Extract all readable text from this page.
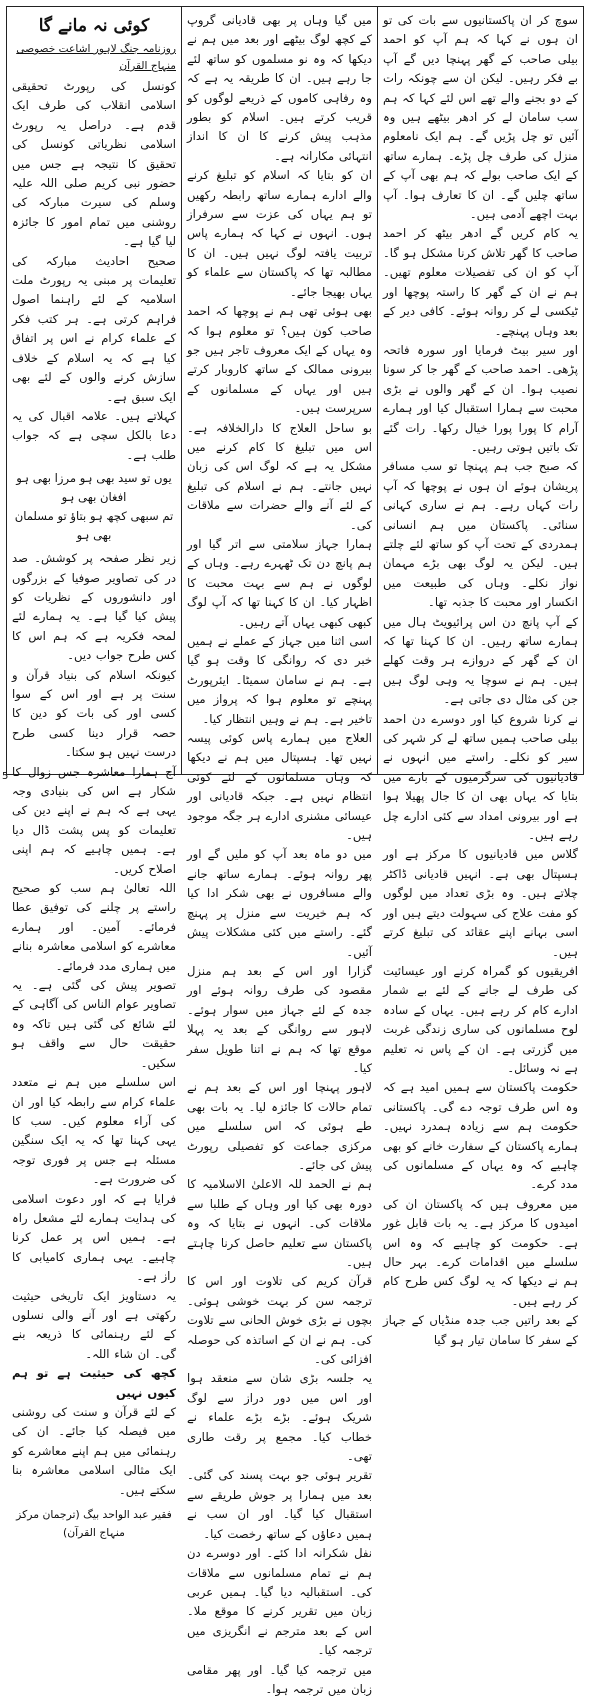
سوچ کر ان پاکستانیوں سے بات کی تو ان ہوں نے کہا کہ ہم آپ کو احمد بیلی صاحب کے گھر پہنچا دیں گے آپ بے فکر رہیں۔ لیکن ان سے چونکہ رات کے دو بجنے والے تھے اس لئے کہا کہ ہم سب سامان لے کر ادھر بیٹھے ہیں وہ آئیں تو چل پڑیں گے۔ ہم ایک نامعلوم منزل کی طرف چل پڑے۔ ہمارے ساتھ کے ایک صاحب بولے کہ ہم بھی آپ کے ساتھ چلیں گے۔ ان کا تعارف ہوا۔ آپ بہت اچھے آدمی ہیں۔

یہ کام کریں گے ادھر بیٹھ کر احمد صاحب کا گھر تلاش کرنا مشکل ہو گا۔ آپ کو ان کی تفصیلات معلوم تھیں۔ ہم نے ان کے گھر کا راستہ پوچھا اور ٹیکسی لے کر روانہ ہوئے۔ کافی دیر کے بعد وہاں پہنچے۔

اور سیر بیٹ فرمایا اور سورہ فاتحہ پڑھی۔ احمد صاحب کے گھر جا کر سونا نصیب ہوا۔ ان کے گھر والوں نے بڑی محبت سے ہمارا استقبال کیا اور ہمارے آرام کا پورا پورا خیال رکھا۔ رات گئے تک باتیں ہوتی رہیں۔

کہ صبح جب ہم پہنچا تو سب مسافر پریشان ہوئے ان ہوں نے پوچھا کہ آپ رات کہاں رہے۔ ہم نے ساری کہانی سنائی۔ پاکستان میں ہم انسانی ہمدردی کے تحت آپ کو ساتھ لئے چلتے ہیں۔ لیکن یہ لوگ بھی بڑے مہمان نواز نکلے۔ وہاں کی طبیعت میں انکسار اور محبت کا جذبہ تھا۔

کے آپ پانچ دن اس پرائیویٹ ہال میں ہمارے ساتھ رہیں۔ ان کا کہنا تھا کہ ان کے گھر کے دروازے ہر وقت کھلے ہیں۔ ہم نے سوچا یہ وہی لوگ ہیں جن کی مثال دی جاتی ہے۔

نے کرنا شروع کیا اور دوسرے دن احمد بیلی صاحب ہمیں ساتھ لے کر شہر کی سیر کو نکلے۔ راستے میں انہوں نے قادیانیوں کی سرگرمیوں کے بارے میں بتایا کہ یہاں بھی ان کا جال پھیلا ہوا ہے اور بیرونی امداد سے کئی ادارے چل رہے ہیں۔

گلاس میں قادیانیوں کا مرکز ہے اور ہسپتال بھی ہے۔ انہیں قادیانی ڈاکٹر چلاتے ہیں۔ وہ بڑی تعداد میں لوگوں کو مفت علاج کی سہولت دیتے ہیں اور اسی بہانے اپنے عقائد کی تبلیغ کرتے ہیں۔

افریقیوں کو گمراہ کرنے اور عیسائیت کی طرف لے جانے کے لئے بے شمار ادارے کام کر رہے ہیں۔ یہاں کے سادہ لوح مسلمانوں کی ساری زندگی غربت میں گزرتی ہے۔ ان کے پاس نہ تعلیم ہے نہ وسائل۔

حکومت پاکستان سے ہمیں امید ہے کہ وہ اس طرف توجہ دے گی۔ پاکستانی حکومت ہم سے زیادہ ہمدرد نہیں۔ ہمارے پاکستان کے سفارت خانے کو بھی چاہیے کہ وہ یہاں کے مسلمانوں کی مدد کرے۔

میں معروف ہیں کہ پاکستان ان کی امیدوں کا مرکز ہے۔ یہ بات قابل غور ہے۔ حکومت کو چاہیے کہ وہ اس سلسلے میں اقدامات کرے۔ بہر حال ہم نے دیکھا کہ یہ لوگ کس طرح کام کر رہے ہیں۔

کے بعد راتیں جب جدہ منڈیاں کے جہاز کے سفر کا سامان تیار ہو گیا

میں گیا وہاں پر بھی قادیانی گروپ کے کچھ لوگ بیٹھے اور بعد میں ہم نے دیکھا کہ وہ نو مسلموں کو ساتھ لئے جا رہے ہیں۔ ان کا طریقہ یہ ہے کہ وہ رفاہی کاموں کے ذریعے لوگوں کو قریب کرتے ہیں۔ اسلام کو بطور مذہب پیش کرنے کا ان کا انداز انتہائی مکارانہ ہے۔

ان کو بتایا کہ اسلام کو تبلیغ کرنے والے ادارے ہمارے ساتھ رابطہ رکھیں تو ہم یہاں کی عزت سے سرفراز ہوں۔ انہوں نے کہا کہ ہمارے پاس تربیت یافتہ لوگ نہیں ہیں۔ ان کا مطالبہ تھا کہ پاکستان سے علماء کو یہاں بھیجا جائے۔

بھی ہوئی تھی ہم نے پوچھا کہ احمد صاحب کون ہیں؟ تو معلوم ہوا کہ وہ یہاں کے ایک معروف تاجر ہیں جو بیرونی ممالک کے ساتھ کاروبار کرتے ہیں اور یہاں کے مسلمانوں کے سرپرست ہیں۔

بو ساحل العلاج کا دارالخلافہ ہے۔ اس میں تبلیغ کا کام کرنے میں مشکل یہ ہے کہ لوگ اس کی زبان نہیں جانتے۔ ہم نے اسلام کی تبلیغ کے لئے آنے والے حضرات سے ملاقات کی۔

ہمارا جہاز سلامتی سے اتر گیا اور ہم پانچ دن تک ٹھہرے رہے۔ وہاں کے لوگوں نے ہم سے بہت محبت کا اظہار کیا۔ ان کا کہنا تھا کہ آپ لوگ کبھی کبھی یہاں آتے رہیں۔

اسی اثنا میں جہاز کے عملے نے ہمیں خبر دی کہ روانگی کا وقت ہو گیا ہے۔ ہم نے سامان سمیٹا۔ ایئرپورٹ پہنچے تو معلوم ہوا کہ پرواز میں تاخیر ہے۔ ہم نے وہیں انتظار کیا۔

العلاج میں ہمارے پاس کوئی پیسہ نہیں تھا۔ ہسپتال میں ہم نے دیکھا کہ وہاں مسلمانوں کے لئے کوئی انتظام نہیں ہے۔ جبکہ قادیانی اور عیسائی مشنری ادارے ہر جگہ موجود ہیں۔

میں دو ماہ بعد آپ کو ملیں گے اور پھر روانہ ہوئے۔ ہمارے ساتھ جانے والے مسافروں نے بھی شکر ادا کیا کہ ہم خیریت سے منزل پر پہنچ گئے۔ راستے میں کئی مشکلات پیش آئیں۔

گزارا اور اس کے بعد ہم منزل مقصود کی طرف روانہ ہوئے اور جدہ کے لئے جہاز میں سوار ہوئے۔ لاہور سے روانگی کے بعد یہ پہلا موقع تھا کہ ہم نے اتنا طویل سفر کیا۔

لاہور پہنچا اور اس کے بعد ہم نے تمام حالات کا جائزہ لیا۔ یہ بات بھی طے ہوئی کہ اس سلسلے میں مرکزی جماعت کو تفصیلی رپورٹ پیش کی جائے۔

ہم نے الحمد للہ الاعلیٰ الاسلامیہ کا دورہ بھی کیا اور وہاں کے طلبا سے ملاقات کی۔ انہوں نے بتایا کہ وہ پاکستان سے تعلیم حاصل کرنا چاہتے ہیں۔

قرآن کریم کی تلاوت اور اس کا ترجمہ سن کر بہت خوشی ہوئی۔ بچوں نے بڑی خوش الحانی سے تلاوت کی۔ ہم نے ان کے اساتذہ کی حوصلہ افزائی کی۔

یہ جلسہ بڑی شان سے منعقد ہوا اور اس میں دور دراز سے لوگ شریک ہوئے۔ بڑے بڑے علماء نے خطاب کیا۔ مجمع پر رقت طاری تھی۔

تقریر ہوئی جو بہت پسند کی گئی۔ بعد میں ہمارا پر جوش طریقے سے استقبال کیا گیا۔ اور ان سب نے ہمیں دعاؤں کے ساتھ رخصت کیا۔

نفل شکرانہ ادا کئے۔ اور دوسرے دن ہم نے تمام مسلمانوں سے ملاقات کی۔ استقبالیہ دیا گیا۔ ہمیں عربی زبان میں تقریر کرنے کا موقع ملا۔ اس کے بعد مترجم نے انگریزی میں ترجمہ کیا۔

میں ترجمہ کیا گیا۔ اور پھر مقامی زبان میں ترجمہ ہوا۔

کوئی نہ مانے گا
روزنامہ جنگ لاہور اشاعت خصوصی منہاج القرآن

کونسل کی رپورٹ تحقیقی اسلامی انقلاب کی طرف ایک قدم ہے۔ دراصل یہ رپورٹ اسلامی نظریاتی کونسل کی تحقیق کا نتیجہ ہے جس میں حضور نبی کریم صلی اللہ علیہ وسلم کی سیرت مبارکہ کی روشنی میں تمام امور کا جائزہ لیا گیا ہے۔

صحیح احادیث مبارکہ کی تعلیمات پر مبنی یہ رپورٹ ملت اسلامیہ کے لئے راہنما اصول فراہم کرتی ہے۔ ہر کتب فکر کے علماء کرام نے اس پر اتفاق کیا ہے کہ یہ اسلام کے خلاف سازش کرنے والوں کے لئے بھی ایک سبق ہے۔

کہلاتے ہیں۔ علامہ اقبال کی یہ دعا بالکل سچی ہے کہ جواب طلب ہے۔

یوں تو سید بھی ہو مرزا بھی ہو افغان بھی ہو

تم سبھی کچھ ہو بتاؤ تو مسلمان بھی ہو

زیر نظر صفحہ پر کوشش۔ صد در کی تصاویر صوفیا کے بزرگوں اور دانشوروں کے نظریات کو پیش کیا گیا ہے۔ یہ ہمارے لئے لمحہ فکریہ ہے کہ ہم اس کا کس طرح جواب دیں۔

کیونکہ اسلام کی بنیاد قرآن و سنت پر ہے اور اس کے سوا کسی اور کی بات کو دین کا حصہ قرار دینا کسی طرح درست نہیں ہو سکتا۔

آج ہمارا معاشرہ جس زوال کا شکار ہے اس کی بنیادی وجہ یہی ہے کہ ہم نے اپنے دین کی تعلیمات کو پس پشت ڈال دیا ہے۔ ہمیں چاہیے کہ ہم اپنی اصلاح کریں۔

اللہ تعالیٰ ہم سب کو صحیح راستے پر چلنے کی توفیق عطا فرمائے۔ آمین۔ اور ہمارے معاشرے کو اسلامی معاشرہ بنانے میں ہماری مدد فرمائے۔

تصویر پیش کی گئی ہے۔ یہ تصاویر عوام الناس کی آگاہی کے لئے شائع کی گئی ہیں تاکہ وہ حقیقت حال سے واقف ہو سکیں۔

اس سلسلے میں ہم نے متعدد علماء کرام سے رابطہ کیا اور ان کی آراء معلوم کیں۔ سب کا یہی کہنا تھا کہ یہ ایک سنگین مسئلہ ہے جس پر فوری توجہ کی ضرورت ہے۔

فرایا ہے کہ اور دعوت اسلامی کی ہدایت ہمارے لئے مشعل راہ ہے۔ ہمیں اس پر عمل کرنا چاہیے۔ یہی ہماری کامیابی کا راز ہے۔

یہ دستاویز ایک تاریخی حیثیت رکھتی ہے اور آنے والی نسلوں کے لئے رہنمائی کا ذریعہ بنے گی۔ ان شاء اللہ۔

کچھ کی حیثیت ہے تو ہم کیوں نہیں

کے لئے قرآن و سنت کی روشنی میں فیصلہ کیا جائے۔ ان کی رہنمائی میں ہم اپنے معاشرے کو ایک مثالی اسلامی معاشرہ بنا سکتے ہیں۔

فقیر عبد الواحد بیگ (ترجمان مرکز منہاج القرآن)
5
